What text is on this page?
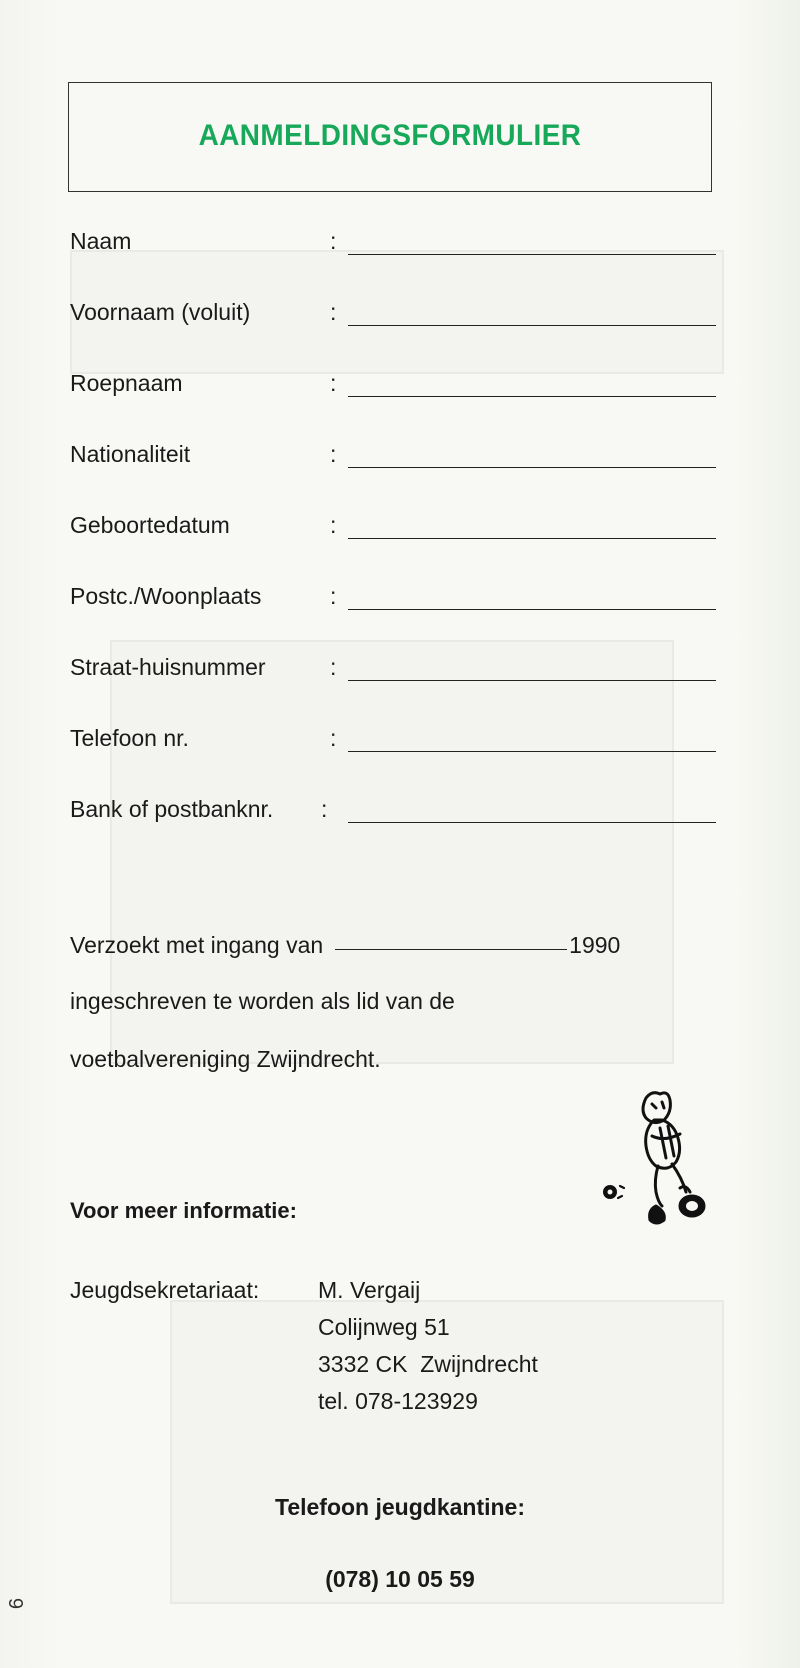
AANMELDINGSFORMULIER
Naam	:
Voornaam (voluit)	:
Roepnaam	:
Nationaliteit	:
Geboortedatum	:
Postc./Woonplaats	:
Straat-huisnummer	:
Telefoon nr.	:
Bank of postbanknr. :
Verzoekt met ingang van	1990
ingeschreven te worden als lid van de
voetbalvereniging Zwijndrecht.
Voor meer informatie:
Jeugdsekretariaat:	M. Vergaij
Colijnweg 51
3332 CK  Zwijndrecht
tel. 078-123929
Telefoon jeugdkantine:
(078) 10 05 59
6
